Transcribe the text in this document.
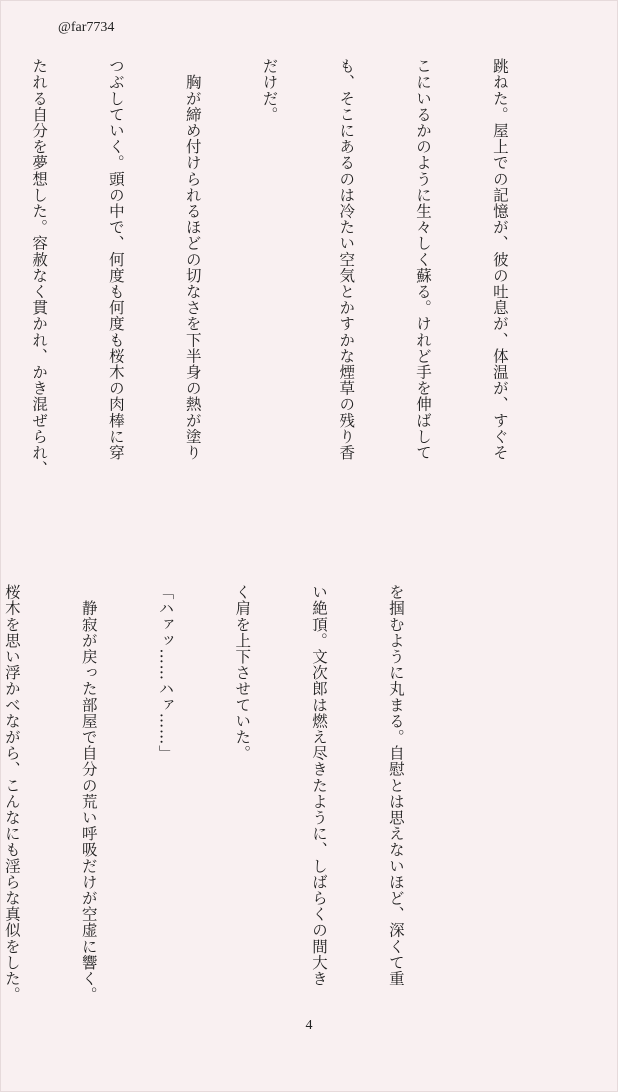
@far7734

跳ねた。屋上での記憶が、彼の吐息が、体温が、すぐそ

こにいるかのように生々しく蘇る。けれど手を伸ばして

も、そこにあるのは冷たい空気とかすかな煙草の残り香

だけだ。

　胸が締め付けられるほどの切なさを下半身の熱が塗り

つぶしていく。頭の中で、何度も何度も桜木の肉棒に穿

たれる自分を夢想した。容赦なく貫かれ、かき混ぜられ、

を掴むように丸まる。自慰とは思えないほど、深くて重

い絶頂。文次郎は燃え尽きたように、しばらくの間大き

く肩を上下させていた。

「ハァッ……ハァ……」

　静寂が戻った部屋で自分の荒い呼吸だけが空虚に響く。

桜木を思い浮かべながら、こんなにも淫らな真似をした。

4
